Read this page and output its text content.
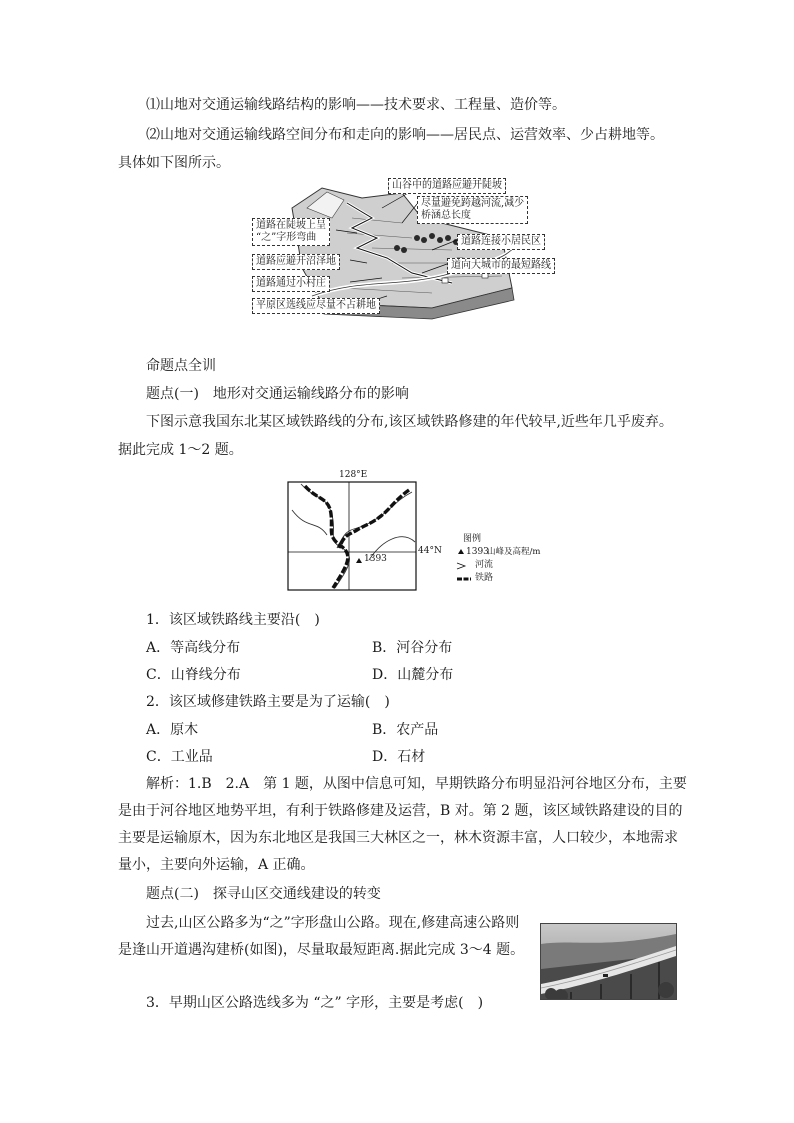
⑴山地对交通运输线路结构的影响——技术要求、工程量、造价等。
⑵山地对交通运输线路空间分布和走向的影响——居民点、运营效率、少占耕地等。
具体如下图所示。
山谷中的道路应避开陡坡
尽量避免跨越河流,减少
桥涵总长度
道路连接小居民区
道向大城市的最短路线
道路在陡坡上呈
“之”字形弯曲
道路应避开沼泽地
道路通过小村庄
平原区选线应尽量不占耕地
命题点全训
题点(一)　地形对交通运输线路分布的影响
下图示意我国东北某区域铁路线的分布,该区域铁路修建的年代较早,近些年几乎废弃。
据此完成 1～2 题。
128°E
44°N
1393
图例
1393
山峰及高程/m
河流
铁路
1．该区域铁路线主要沿(　)
A．等高线分布	B．河谷分布
C．山脊线分布	D．山麓分布
2．该区域修建铁路主要是为了运输(　)
A．原木	B．农产品
C．工业品	D．石材
解析：1.B　2.A　第 1 题，从图中信息可知，早期铁路分布明显沿河谷地区分布，主要
是由于河谷地区地势平坦，有利于铁路修建及运营，B 对。第 2 题，该区域铁路建设的目的
主要是运输原木，因为东北地区是我国三大林区之一，林木资源丰富，人口较少，本地需求
量小，主要向外运输，A 正确。
题点(二)　探寻山区交通线建设的转变
过去,山区公路多为“之”字形盘山公路。现在,修建高速公路则
是逢山开道遇沟建桥(如图)，尽量取最短距离.据此完成 3～4 题。
3．早期山区公路选线多为 “之” 字形，主要是考虑(　)
